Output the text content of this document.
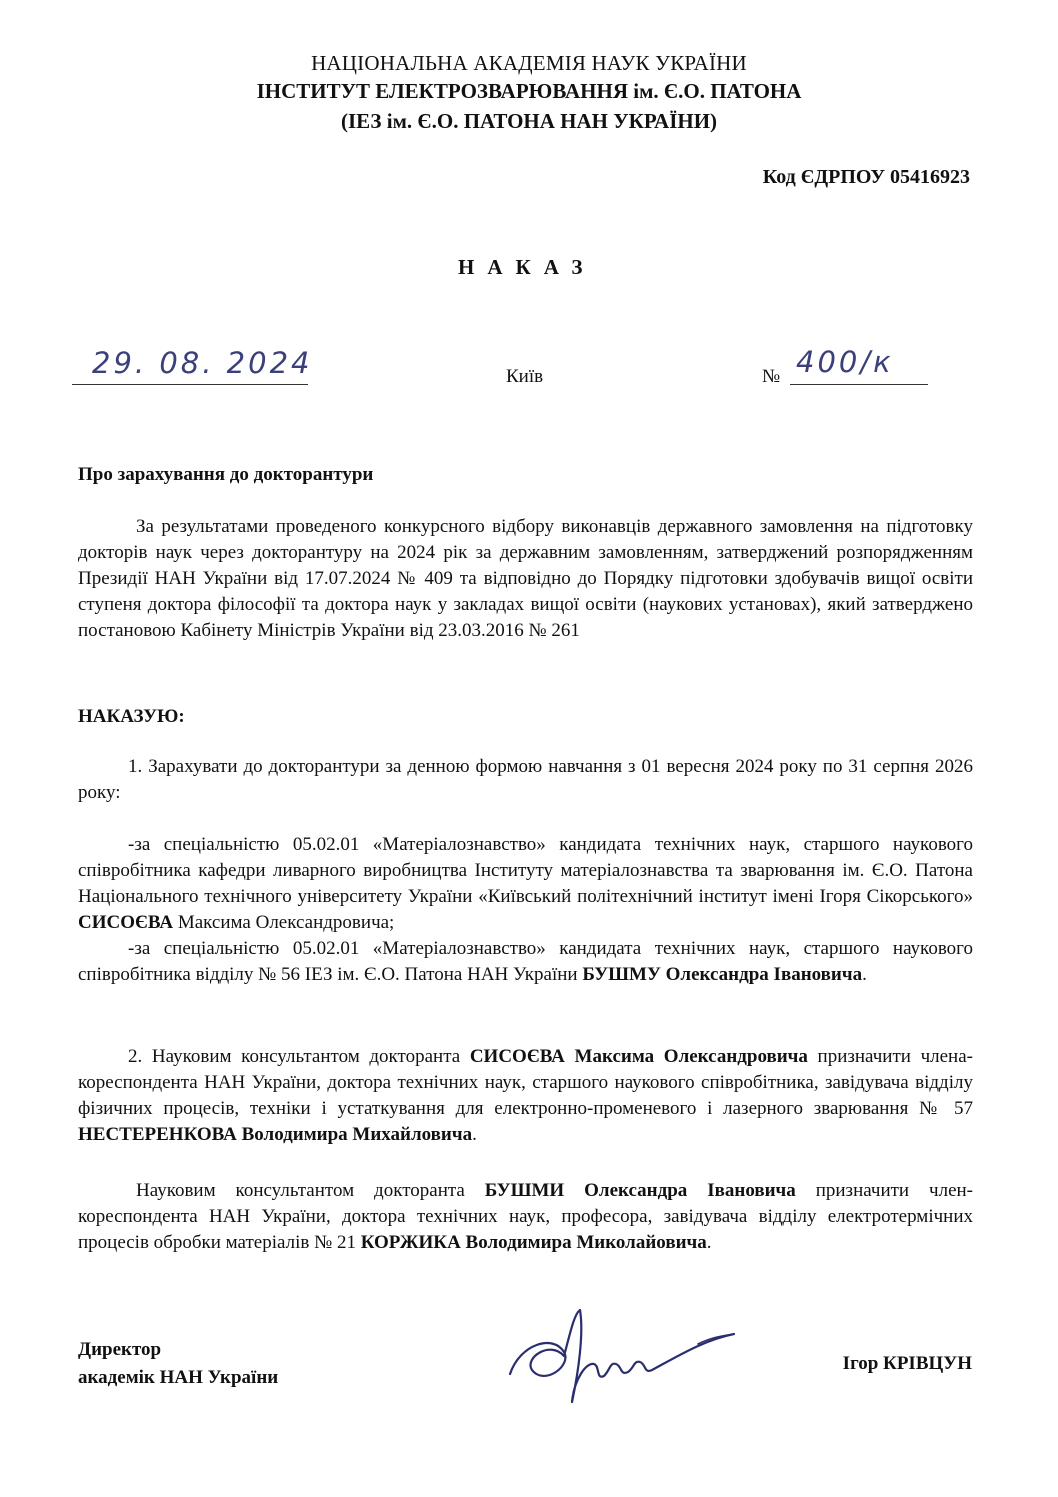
НАЦІОНАЛЬНА АКАДЕМІЯ НАУК УКРАЇНИ
ІНСТИТУТ ЕЛЕКТРОЗВАРЮВАННЯ ім. Є.О. ПАТОНА
(ІЕЗ ім. Є.О. ПАТОНА НАН УКРАЇНИ)
Код ЄДРПОУ 05416923
НАКАЗ
29. 08. 2024	Київ	№ 400/к
Про зарахування до докторантури
За результатами проведеного конкурсного відбору виконавців державного замовлення на підготовку докторів наук через докторантуру на 2024 рік за державним замовленням, затверджений розпорядженням Президії НАН України від 17.07.2024 № 409 та відповідно до Порядку підготовки здобувачів вищої освіти ступеня доктора філософії та доктора наук у закладах вищої освіти (наукових установах), який затверджено постановою Кабінету Міністрів України від 23.03.2016 № 261
НАКАЗУЮ:
1. Зарахувати до докторантури за денною формою навчання з 01 вересня 2024 року по 31 серпня 2026 року:
-за спеціальністю 05.02.01 «Матеріалознавство» кандидата технічних наук, старшого наукового співробітника кафедри ливарного виробництва Інституту матеріалознавства та зварювання ім. Є.О. Патона Національного технічного університету України «Київський політехнічний інститут імені Ігоря Сікорського» СИСОЄВА Максима Олександровича;
-за спеціальністю 05.02.01 «Матеріалознавство» кандидата технічних наук, старшого наукового співробітника відділу № 56 ІЕЗ ім. Є.О. Патона НАН України БУШМУ Олександра Івановича.
2. Науковим консультантом докторанта СИСОЄВА Максима Олександровича призначити члена-кореспондента НАН України, доктора технічних наук, старшого наукового співробітника, завідувача відділу фізичних процесів, техніки і устаткування для електронно-променевого і лазерного зварювання № 57 НЕСТЕРЕНКОВА Володимира Михайловича.
Науковим консультантом докторанта БУШМИ Олександра Івановича призначити член-кореспондента НАН України, доктора технічних наук, професора, завідувача відділу електротермічних процесів обробки матеріалів № 21 КОРЖИКА Володимира Миколайовича.
Директор
академік НАН України
Ігор КРІВЦУН
